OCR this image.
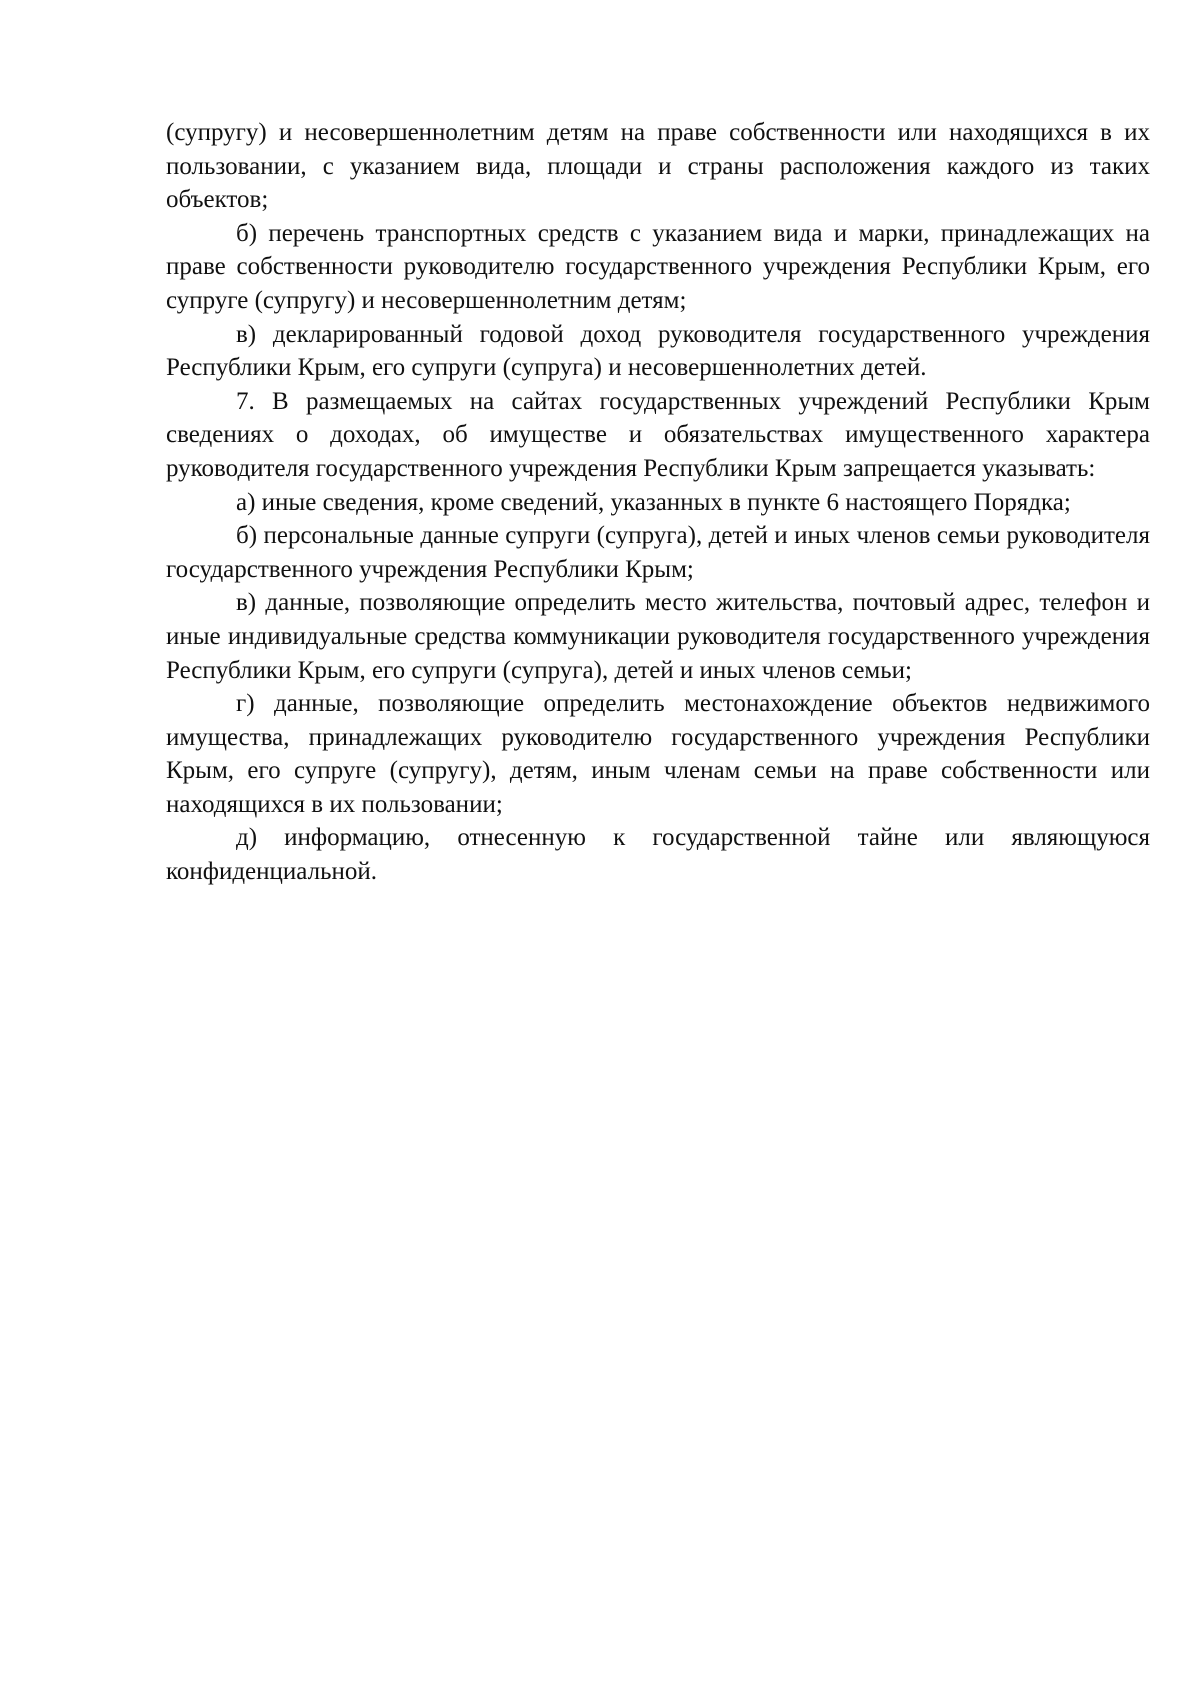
(супругу) и несовершеннолетним детям на праве собственности или находящихся в их пользовании, с указанием вида, площади и страны расположения каждого из таких объектов;

б) перечень транспортных средств с указанием вида и марки, принадлежащих на праве собственности руководителю государственного учреждения Республики Крым, его супруге (супругу) и несовершеннолетним детям;

в) декларированный годовой доход руководителя государственного учреждения Республики Крым, его супруги (супруга) и несовершеннолетних детей.

7. В размещаемых на сайтах государственных учреждений Республики Крым сведениях о доходах, об имуществе и обязательствах имущественного характера руководителя государственного учреждения Республики Крым запрещается указывать:

а) иные сведения, кроме сведений, указанных в пункте 6 настоящего Порядка;

б) персональные данные супруги (супруга), детей и иных членов семьи руководителя государственного учреждения Республики Крым;

в) данные, позволяющие определить место жительства, почтовый адрес, телефон и иные индивидуальные средства коммуникации руководителя государственного учреждения Республики Крым, его супруги (супруга), детей и иных членов семьи;

г) данные, позволяющие определить местонахождение объектов недвижимого имущества, принадлежащих руководителю государственного учреждения Республики Крым, его супруге (супругу), детям, иным членам семьи на праве собственности или находящихся в их пользовании;

д) информацию, отнесенную к государственной тайне или являющуюся конфиденциальной.
